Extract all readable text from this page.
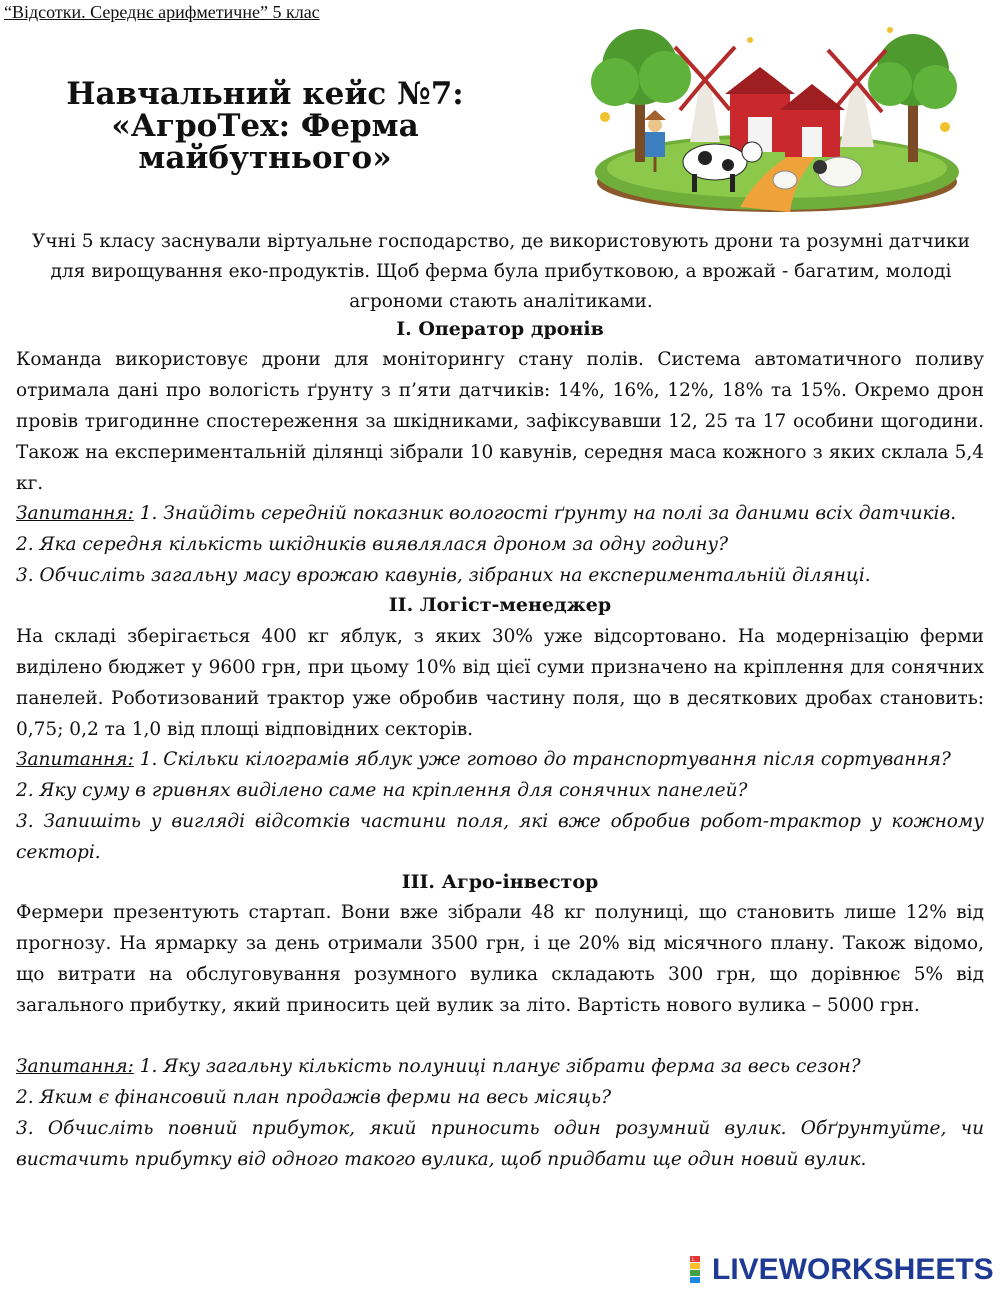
“Відсотки. Середнє арифметичне” 5 клас
Навчальний кейс №7:
«АгроТех: Ферма
майбутнього»
Учні 5 класу заснували віртуальне господарство, де використовують дрони та розумні датчики для вирощування еко-продуктів. Щоб ферма була прибутковою, а врожай - багатим, молоді агрономи стають аналітиками.
I. Оператор дронів
Команда використовує дрони для моніторингу стану полів. Система автоматичного поливу отримала дані про вологість ґрунту з п’яти датчиків: 14%, 16%, 12%, 18% та 15%. Окремо дрон провів тригодинне спостереження за шкідниками, зафіксувавши 12, 25 та 17 особини щогодини. Також на експериментальній ділянці зібрали 10 кавунів, середня маса кожного з яких склала 5,4 кг.
Запитання: 1. Знайдіть середній показник вологості ґрунту на полі за даними всіх датчиків.
2. Яка середня кількість шкідників виявлялася дроном за одну годину?
3. Обчисліть загальну масу врожаю кавунів, зібраних на експериментальній ділянці.
II. Логіст-менеджер
На складі зберігається 400 кг яблук, з яких 30% уже відсортовано. На модернізацію ферми виділено бюджет у 9600 грн, при цьому 10% від цієї суми призначено на кріплення для сонячних панелей. Роботизований трактор уже обробив частину поля, що в десяткових дробах становить: 0,75; 0,2 та 1,0 від площі відповідних секторів.
Запитання: 1. Скільки кілограмів яблук уже готово до транспортування після сортування?
2. Яку суму в гривнях виділено саме на кріплення для сонячних панелей?
3. Запишіть у вигляді відсотків частини поля, які вже обробив робот-трактор у кожному секторі.
III. Агро-інвестор
Фермери презентують стартап. Вони вже зібрали 48 кг полуниці, що становить лише 12% від прогнозу. На ярмарку за день отримали 3500 грн, і це 20% від місячного плану. Також відомо, що витрати на обслуговування розумного вулика складають 300 грн, що дорівнює 5% від загального прибутку, який приносить цей вулик за літо. Вартість нового вулика – 5000 грн.
Запитання: 1. Яку загальну кількість полуниці планує зібрати ферма за весь сезон?
2. Яким є фінансовий план продажів ферми на весь місяць?
3. Обчисліть повний прибуток, який приносить один розумний вулик. Обґрунтуйте, чи вистачить прибутку від одного такого вулика, щоб придбати ще один новий вулик.
L LIVEWORKSHEETS
